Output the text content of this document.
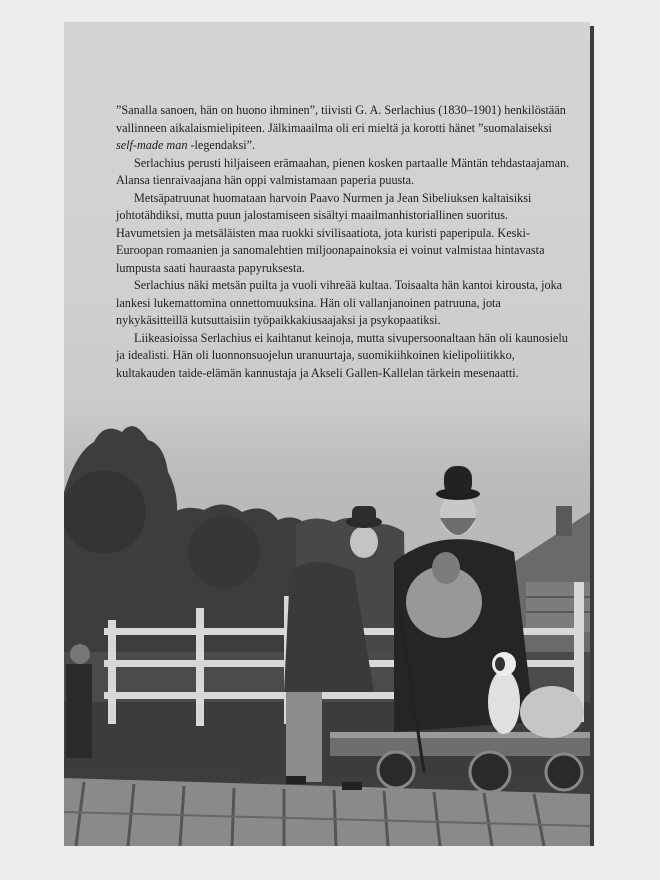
”Sanalla sanoen, hän on huono ihminen”, tiivisti G. A. Serlachius (1830–1901) henkilöstään vallinneen aikalaismielipiteen. Jälkimaailma oli eri mieltä ja korotti hänet ”suomalaiseksi self-made man -legendaksi”.

Serlachius perusti hiljaiseen erämaahan, pienen kosken partaalle Mäntän tehdastaajaman. Alansa tienraivaajana hän oppi valmistamaan paperia puusta.

Metsäpatruunat huomataan harvoin Paavo Nurmen ja Jean Sibeliuksen kaltaisiksi johtotähdiksi, mutta puun jalostamiseen sisältyi maailmanhistoriallinen suoritus. Havumetsien ja metsäläisten maa ruokki sivilisaatiota, jota kuristi paperipula. Keski-Euroopan romaanien ja sanomalehtien miljoonapainoksia ei voinut valmistaa hintavasta lumpusta saati hauraasta papyruksesta.

Serlachius näki metsän puilta ja vuoli vihreää kultaa. Toisaalta hän kantoi kirousta, joka lankesi lukemattomina onnettomuuksina. Hän oli vallanjanoinen patruuna, jota nykykäsitteillä kutsuttaisiin työpaikkakiusaajaksi ja psykopaatiksi.

Liikeasioissa Serlachius ei kaihtanut keinoja, mutta sivupersoonaltaan hän oli kaunosielu ja idealisti. Hän oli luonnonsuojelun uranuurtaja, suomikiihkoinen kielipoliitikko, kultakauden taide-elämän kannustaja ja Akseli Gallen-Kallelan tärkein mesenaatti.
